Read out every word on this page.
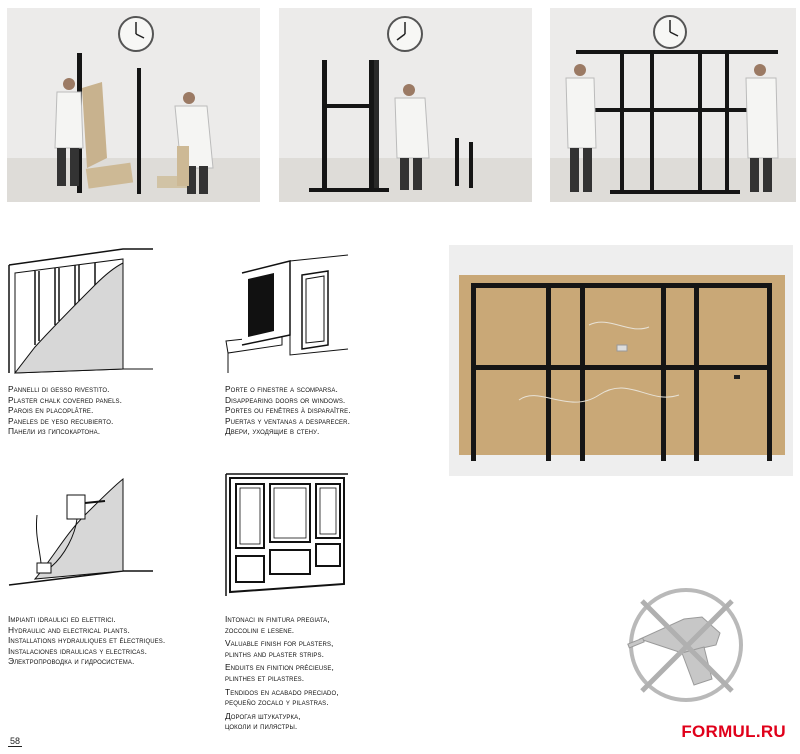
Pannelli di gesso rivestito.
Plaster chalk covered panels.
Parois en placoplâtre.
Paneles de yeso recubierto.
Панели из гипсокартона.
Porte o finestre a scomparsa.
Disappearing doors or windows.
Portes ou fenêtres à disparaître.
Puertas y ventanas a desparecer.
Двери, уходящие в стену.
Impianti idraulici ed elettrici.
Hydraulic and electrical plants.
Installations hydrauliques et électriques.
Instalaciones idraulicas y electricas.
Электропроводка и гидросистема.
Intonaci in finitura pregiata,
zoccolini e lesene.
Valuable finish for plasters,
plinths and plaster strips.
Enduits en finition précieuse,
plinthes et pilastres.
Tendidos en acabado preciado,
pequeño zocalo y pilastras.
Дорогая штукатурка,
цоколи и пилястры.
58	FORMUL.RU
